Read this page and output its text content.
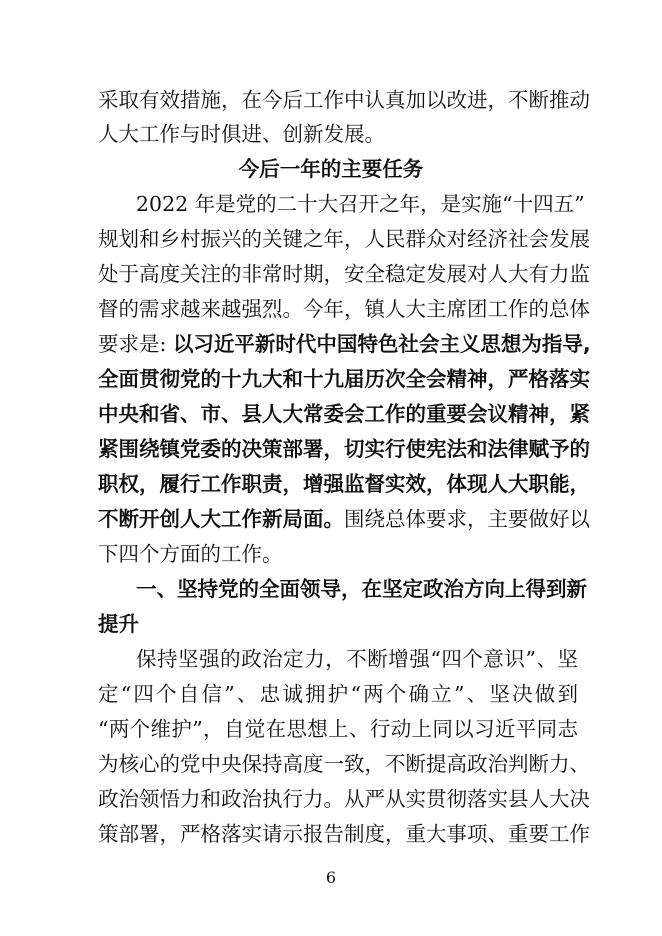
采取有效措施，在今后工作中认真加以改进，不断推动
人大工作与时俱进、创新发展。
今后一年的主要任务
2022 年是党的二十大召开之年，是实施“十四五”
规划和乡村振兴的关键之年，人民群众对经济社会发展
处于高度关注的非常时期，安全稳定发展对人大有力监
督的需求越来越强烈。今年，镇人大主席团工作的总体
要求是: 以习近平新时代中国特色社会主义思想为指导,
全面贯彻党的十九大和十九届历次全会精神，严格落实
中央和省、市、县人大常委会工作的重要会议精神，紧
紧围绕镇党委的决策部署，切实行使宪法和法律赋予的
职权，履行工作职责，增强监督实效，体现人大职能，
不断开创人大工作新局面。围绕总体要求，主要做好以
下四个方面的工作。
一、坚持党的全面领导，在坚定政治方向上得到新
提升
保持坚强的政治定力，不断增强“四个意识”、坚
定“四个自信”、忠诚拥护“两个确立”、坚决做到
“两个维护”，自觉在思想上、行动上同以习近平同志
为核心的党中央保持高度一致，不断提高政治判断力、
政治领悟力和政治执行力。从严从实贯彻落实县人大决
策部署，严格落实请示报告制度，重大事项、重要工作
6
